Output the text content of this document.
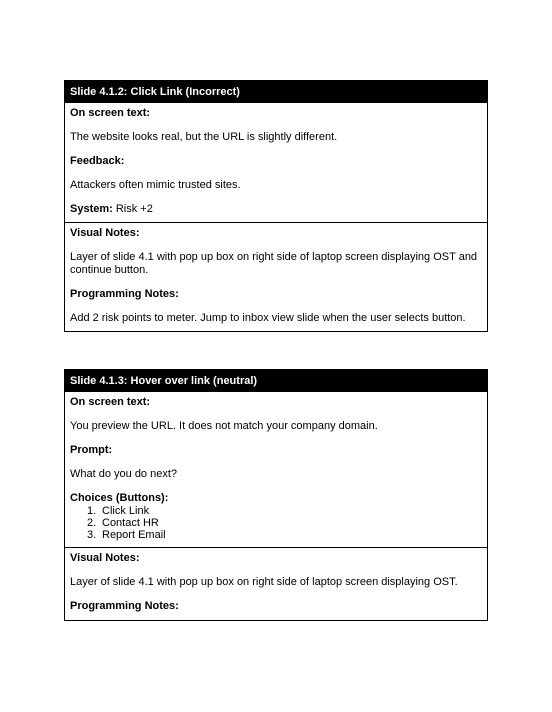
Slide 4.1.2: Click Link (Incorrect)

On screen text:

The website looks real, but the URL is slightly different.

Feedback:

Attackers often mimic trusted sites.

System: Risk +2

Visual Notes:

Layer of slide 4.1 with pop up box on right side of laptop screen displaying OST and continue button.

Programming Notes:

Add 2 risk points to meter. Jump to inbox view slide when the user selects button.

Slide 4.1.3: Hover over link (neutral)

On screen text:

You preview the URL. It does not match your company domain.

Prompt:

What do you do next?

Choices (Buttons):

1. Click Link
2. Contact HR
3. Report Email

Visual Notes:

Layer of slide 4.1 with pop up box on right side of laptop screen displaying OST.

Programming Notes:
